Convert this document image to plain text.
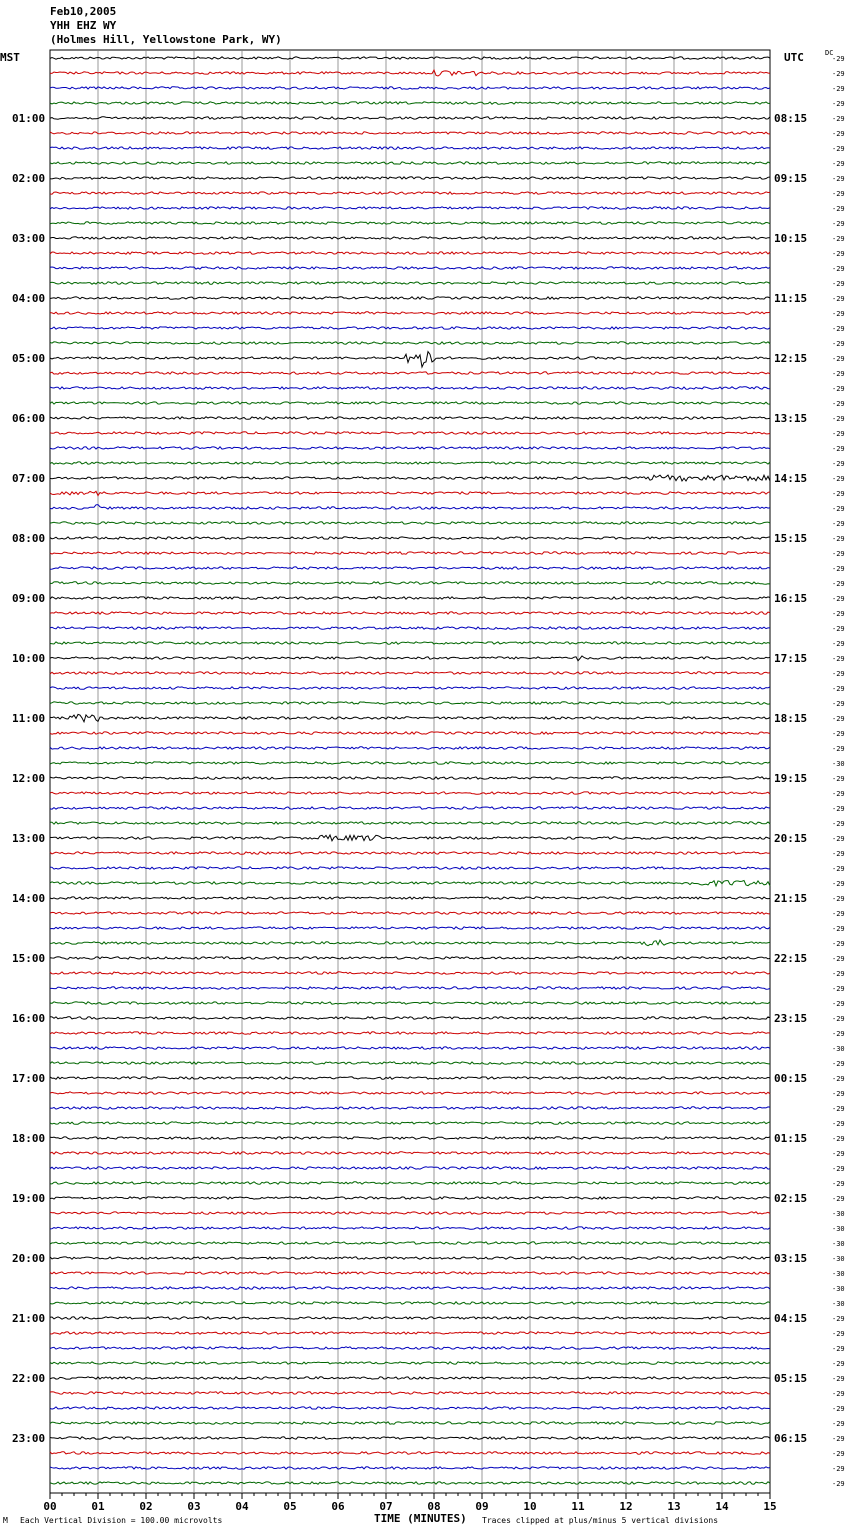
Feb10,2005
YHH EHZ WY
(Holmes Hill, Yellowstone Park, WY)
MST	UTC	DC
00	01	02	03	04	05	06	07	08	09	10	11	12	13	14	15
-29
-29
-29
-29
-29
-29
-29
-29
-29
-29
-29
-29
-29
-29
-29
-29
-29
-29
-29
-29
-29
-29
-29
-29
-29
-29
-29
-29
-29
-29
-29
-29
-29
-29
-29
-29
-29
-29
-29
-29
-29
-29
-29
-29
-29
-29
-29
-30
-29
-29
-29
-29
-29
-29
-29
-29
-29
-29
-29
-29
-29
-29
-29
-29
-29
-29
-30
-29
-29
-29
-29
-29
-29
-29
-29
-29
-29
-30
-30
-30
-30
-30
-30
-30
-29
-29
-29
-29
-29
-29
-29
-29
-29
-29
-29
-29
01:00	08:15
02:00	09:15
03:00	10:15
04:00	11:15
05:00	12:15
06:00	13:15
07:00	14:15
08:00	15:15
09:00	16:15
10:00	17:15
11:00	18:15
12:00	19:15
13:00	20:15
14:00	21:15
15:00	22:15
16:00	23:15
17:00	00:15
18:00	01:15
19:00	02:15
20:00	03:15
21:00	04:15
22:00	05:15
23:00	06:15
M Each Vertical Division = 100.00 microvolts	TIME (MINUTES) Traces clipped at plus/minus 5 vertical divisions
